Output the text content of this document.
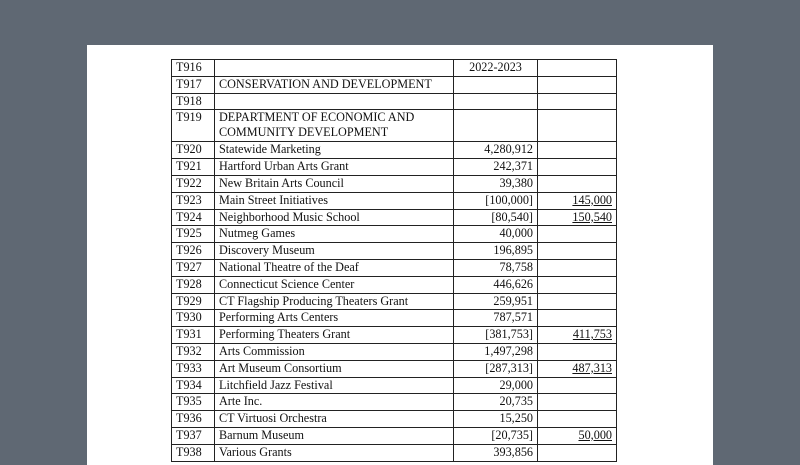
T916		2022-2023	
T917	CONSERVATION AND DEVELOPMENT		
T918			
T919	DEPARTMENT OF ECONOMIC AND COMMUNITY DEVELOPMENT		
T920	Statewide Marketing	4,280,912	
T921	Hartford Urban Arts Grant	242,371	
T922	New Britain Arts Council	39,380	
T923	Main Street Initiatives	[100,000]	145,000
T924	Neighborhood Music School	[80,540]	150,540
T925	Nutmeg Games	40,000	
T926	Discovery Museum	196,895	
T927	National Theatre of the Deaf	78,758	
T928	Connecticut Science Center	446,626	
T929	CT Flagship Producing Theaters Grant	259,951	
T930	Performing Arts Centers	787,571	
T931	Performing Theaters Grant	[381,753]	411,753
T932	Arts Commission	1,497,298	
T933	Art Museum Consortium	[287,313]	487,313
T934	Litchfield Jazz Festival	29,000	
T935	Arte Inc.	20,735	
T936	CT Virtuosi Orchestra	15,250	
T937	Barnum Museum	[20,735]	50,000
T938	Various Grants	393,856	
